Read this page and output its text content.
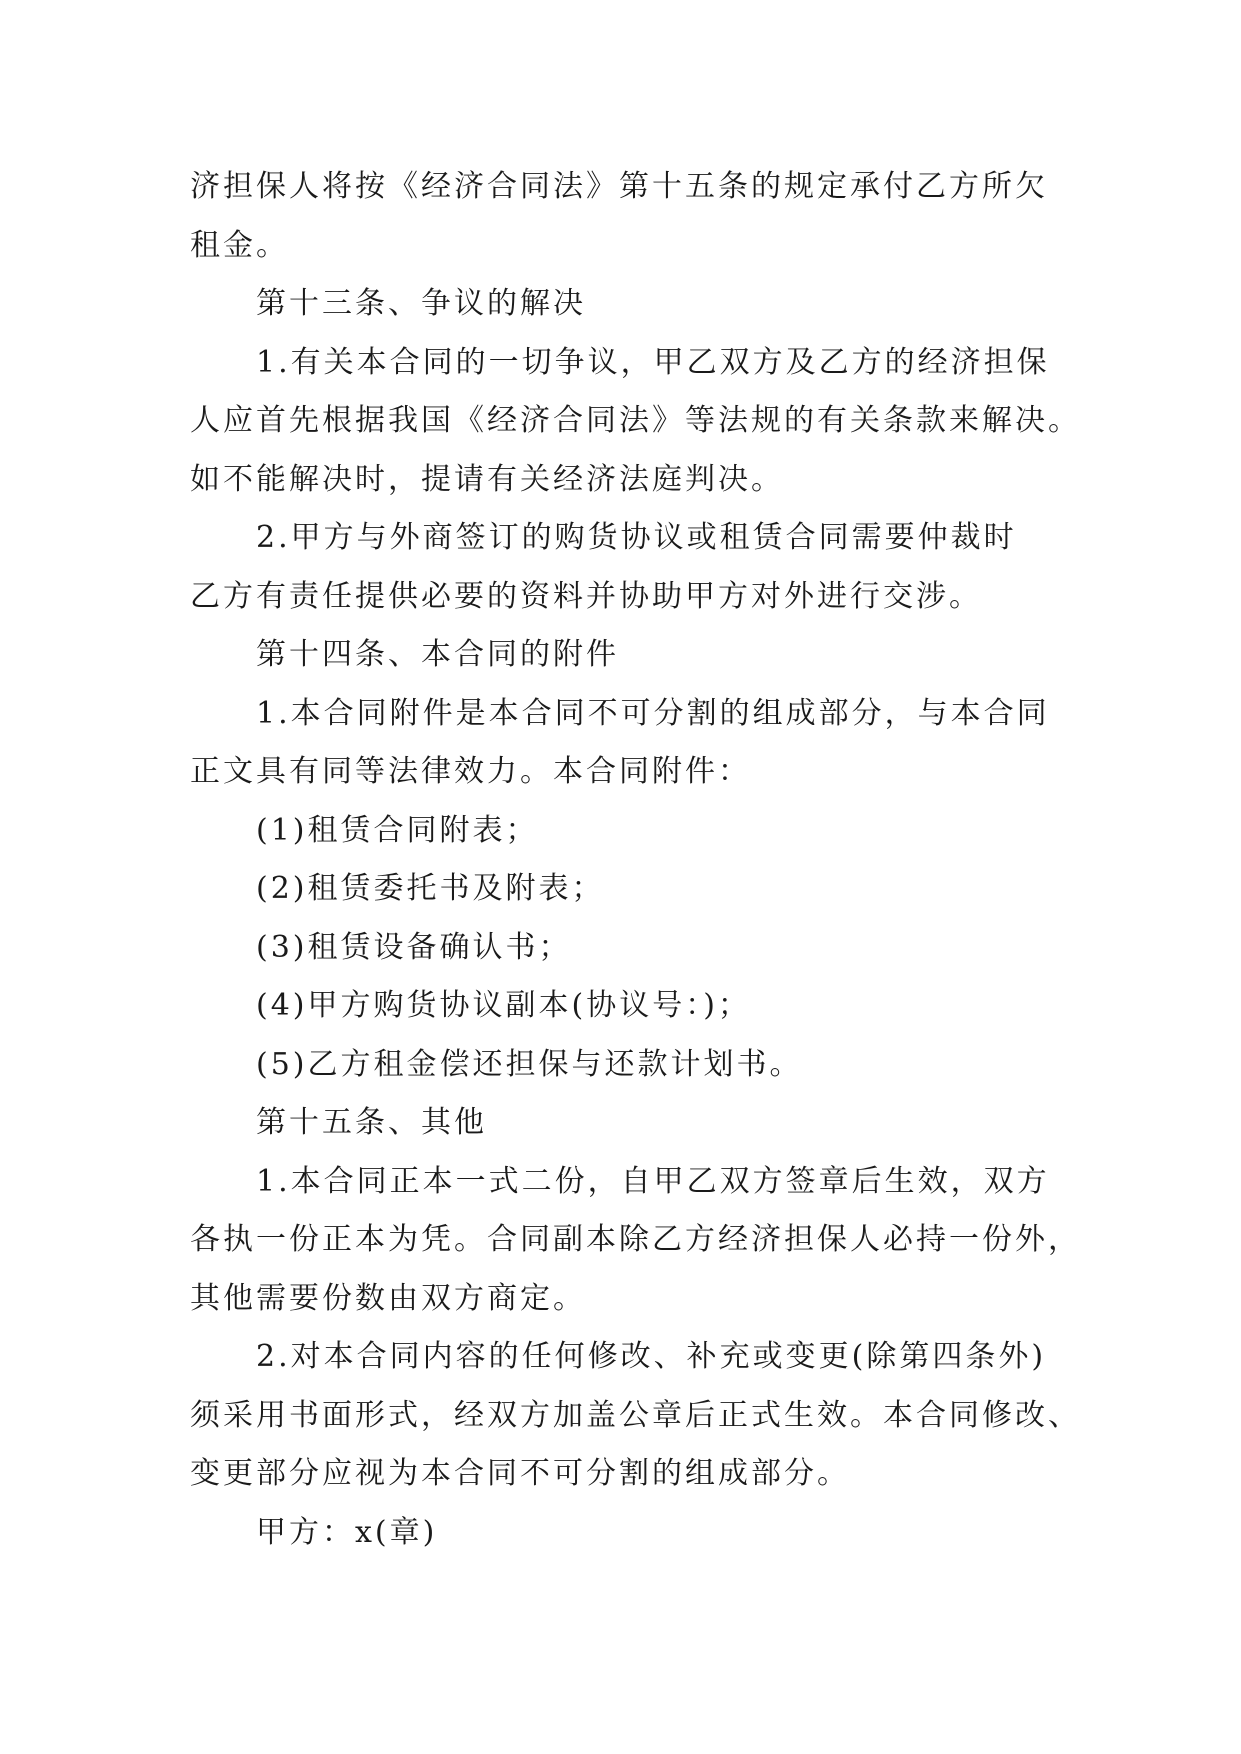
济担保人将按《经济合同法》第十五条的规定承付乙方所欠
租金。
第十三条、争议的解决
1.有关本合同的一切争议，甲乙双方及乙方的经济担保
人应首先根据我国《经济合同法》等法规的有关条款来解决。
如不能解决时，提请有关经济法庭判决。
2.甲方与外商签订的购货协议或租赁合同需要仲裁时
乙方有责任提供必要的资料并协助甲方对外进行交涉。
第十四条、本合同的附件
1.本合同附件是本合同不可分割的组成部分，与本合同
正文具有同等法律效力。本合同附件：
(1)租赁合同附表；
(2)租赁委托书及附表；
(3)租赁设备确认书；
(4)甲方购货协议副本(协议号：)；
(5)乙方租金偿还担保与还款计划书。
第十五条、其他
1.本合同正本一式二份，自甲乙双方签章后生效，双方
各执一份正本为凭。合同副本除乙方经济担保人必持一份外，
其他需要份数由双方商定。
2.对本合同内容的任何修改、补充或变更(除第四条外)
须采用书面形式，经双方加盖公章后正式生效。本合同修改、
变更部分应视为本合同不可分割的组成部分。
甲方：x(章)
